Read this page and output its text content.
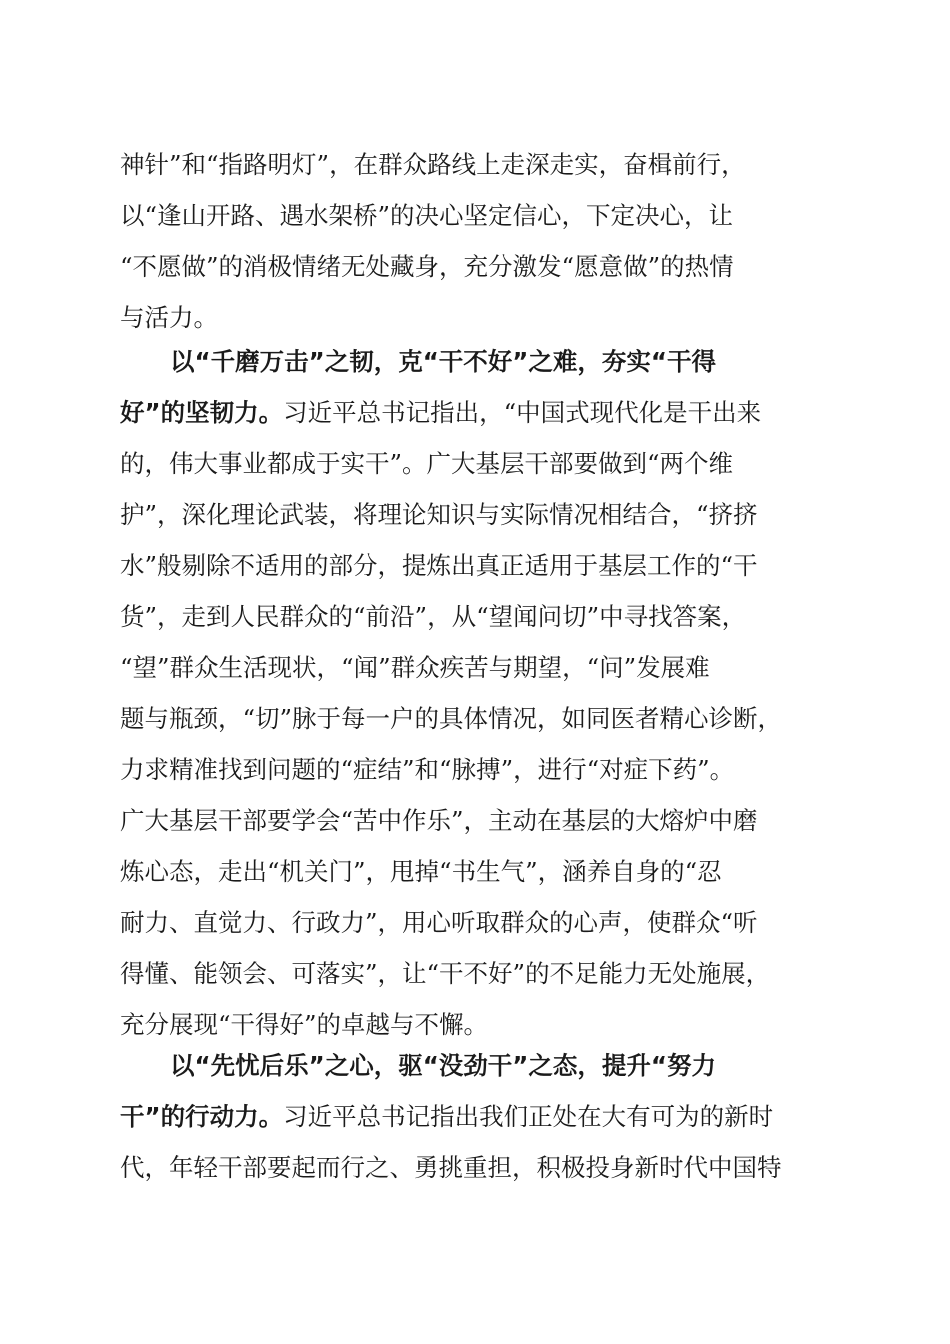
神针”和“指路明灯”，在群众路线上走深走实，奋楫前行，

以“逢山开路、遇水架桥”的决心坚定信心，下定决心，让

“不愿做”的消极情绪无处藏身，充分激发“愿意做”的热情

与活力。

以“千磨万击”之韧，克“干不好”之难，夯实“干得

好”的坚韧力。习近平总书记指出，“中国式现代化是干出来

的，伟大事业都成于实干”。广大基层干部要做到“两个维

护”，深化理论武装，将理论知识与实际情况相结合，“挤挤

水”般剔除不适用的部分，提炼出真正适用于基层工作的“干

货”，走到人民群众的“前沿”，从“望闻问切”中寻找答案，

“望”群众生活现状，“闻”群众疾苦与期望，“问”发展难

题与瓶颈，“切”脉于每一户的具体情况，如同医者精心诊断，

力求精准找到问题的“症结”和“脉搏”，进行“对症下药”。

广大基层干部要学会“苦中作乐”，主动在基层的大熔炉中磨

炼心态，走出“机关门”，甩掉“书生气”，涵养自身的“忍

耐力、直觉力、行政力”，用心听取群众的心声，使群众“听

得懂、能领会、可落实”，让“干不好”的不足能力无处施展，

充分展现“干得好”的卓越与不懈。

以“先忧后乐”之心，驱“没劲干”之态，提升“努力

干”的行动力。习近平总书记指出我们正处在大有可为的新时

代，年轻干部要起而行之、勇挑重担，积极投身新时代中国特
